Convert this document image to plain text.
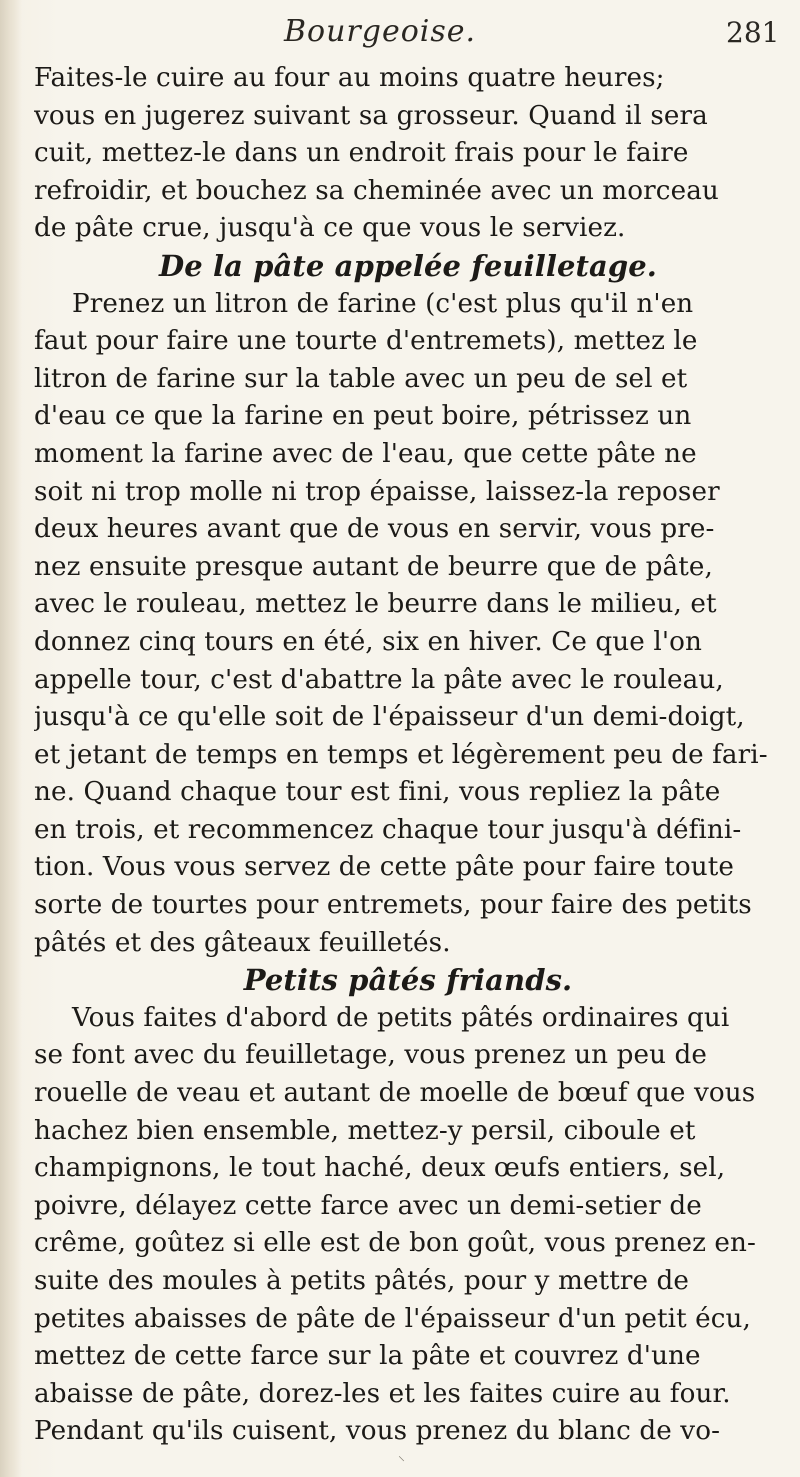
Bourgeoise.	281
Faites-le cuire au four au moins quatre heures;
vous en jugerez suivant sa grosseur. Quand il sera
cuit, mettez-le dans un endroit frais pour le faire
refroidir, et bouchez sa cheminée avec un morceau
de pâte crue, jusqu'à ce que vous le serviez.
De la pâte appelée feuilletage.
Prenez un litron de farine (c'est plus qu'il n'en
faut pour faire une tourte d'entremets), mettez le
litron de farine sur la table avec un peu de sel et
d'eau ce que la farine en peut boire, pétrissez un
moment la farine avec de l'eau, que cette pâte ne
soit ni trop molle ni trop épaisse, laissez-la reposer
deux heures avant que de vous en servir, vous pre-
nez ensuite presque autant de beurre que de pâte,
avec le rouleau, mettez le beurre dans le milieu, et
donnez cinq tours en été, six en hiver. Ce que l'on
appelle tour, c'est d'abattre la pâte avec le rouleau,
jusqu'à ce qu'elle soit de l'épaisseur d'un demi-doigt,
et jetant de temps en temps et légèrement peu de fari-
ne. Quand chaque tour est fini, vous repliez la pâte
en trois, et recommencez chaque tour jusqu'à défini-
tion. Vous vous servez de cette pâte pour faire toute
sorte de tourtes pour entremets, pour faire des petits
pâtés et des gâteaux feuilletés.
Petits pâtés friands.
Vous faites d'abord de petits pâtés ordinaires qui
se font avec du feuilletage, vous prenez un peu de
rouelle de veau et autant de moelle de bœuf que vous
hachez bien ensemble, mettez-y persil, ciboule et
champignons, le tout haché, deux œufs entiers, sel,
poivre, délayez cette farce avec un demi-setier de
crême, goûtez si elle est de bon goût, vous prenez en-
suite des moules à petits pâtés, pour y mettre de
petites abaisses de pâte de l'épaisseur d'un petit écu,
mettez de cette farce sur la pâte et couvrez d'une
abaisse de pâte, dorez-les et les faites cuire au four.
Pendant qu'ils cuisent, vous prenez du blanc de vo-
⸌
